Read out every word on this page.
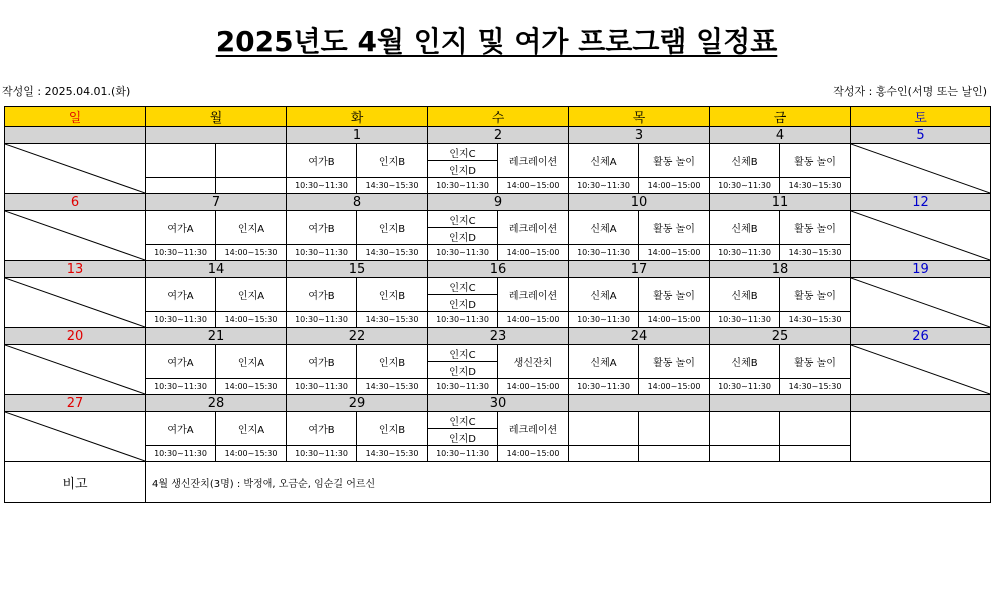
2025년도 4월 인지 및 여가 프로그램 일정표
작성일 : 2025.04.01.(화)	작성자 : 홍수인(서명 또는 날인)
일	월		화		수		목		금		토
			1		2		3		4		5

			여가B	인지B	인지C	레크레이션	신체A	활동 놀이	신체B	활동 놀이	

					인지D						
			10:30~11:30	14:30~15:30	10:30~11:30	14:00~15:00	10:30~11:30	14:00~15:00	10:30~11:30	14:30~15:30	
6	7		8		9		10		11		12

	여가A	인지A	여가B	인지B	인지C	레크레이션	신체A	활동 놀이	신체B	활동 놀이	

					인지D						
	10:30~11:30	14:00~15:30	10:30~11:30	14:30~15:30	10:30~11:30	14:00~15:00	10:30~11:30	14:00~15:00	10:30~11:30	14:30~15:30	
13	14		15		16		17		18		19

	여가A	인지A	여가B	인지B	인지C	레크레이션	신체A	활동 놀이	신체B	활동 놀이	

					인지D						
	10:30~11:30	14:00~15:30	10:30~11:30	14:30~15:30	10:30~11:30	14:00~15:00	10:30~11:30	14:00~15:00	10:30~11:30	14:30~15:30	
20	21		22		23		24		25		26

	여가A	인지A	여가B	인지B	인지C	생신잔치	신체A	활동 놀이	신체B	활동 놀이	

					인지D						
	10:30~11:30	14:00~15:30	10:30~11:30	14:30~15:30	10:30~11:30	14:00~15:00	10:30~11:30	14:00~15:00	10:30~11:30	14:30~15:30	
27	28		29		30						

	여가A	인지A	여가B	인지B	인지C	레크레이션					
					인지D						
	10:30~11:30	14:00~15:30	10:30~11:30	14:30~15:30	10:30~11:30	14:00~15:00					
비고	4월 생신잔치(3명) : 박정애, 오금순, 임순길 어르신										
